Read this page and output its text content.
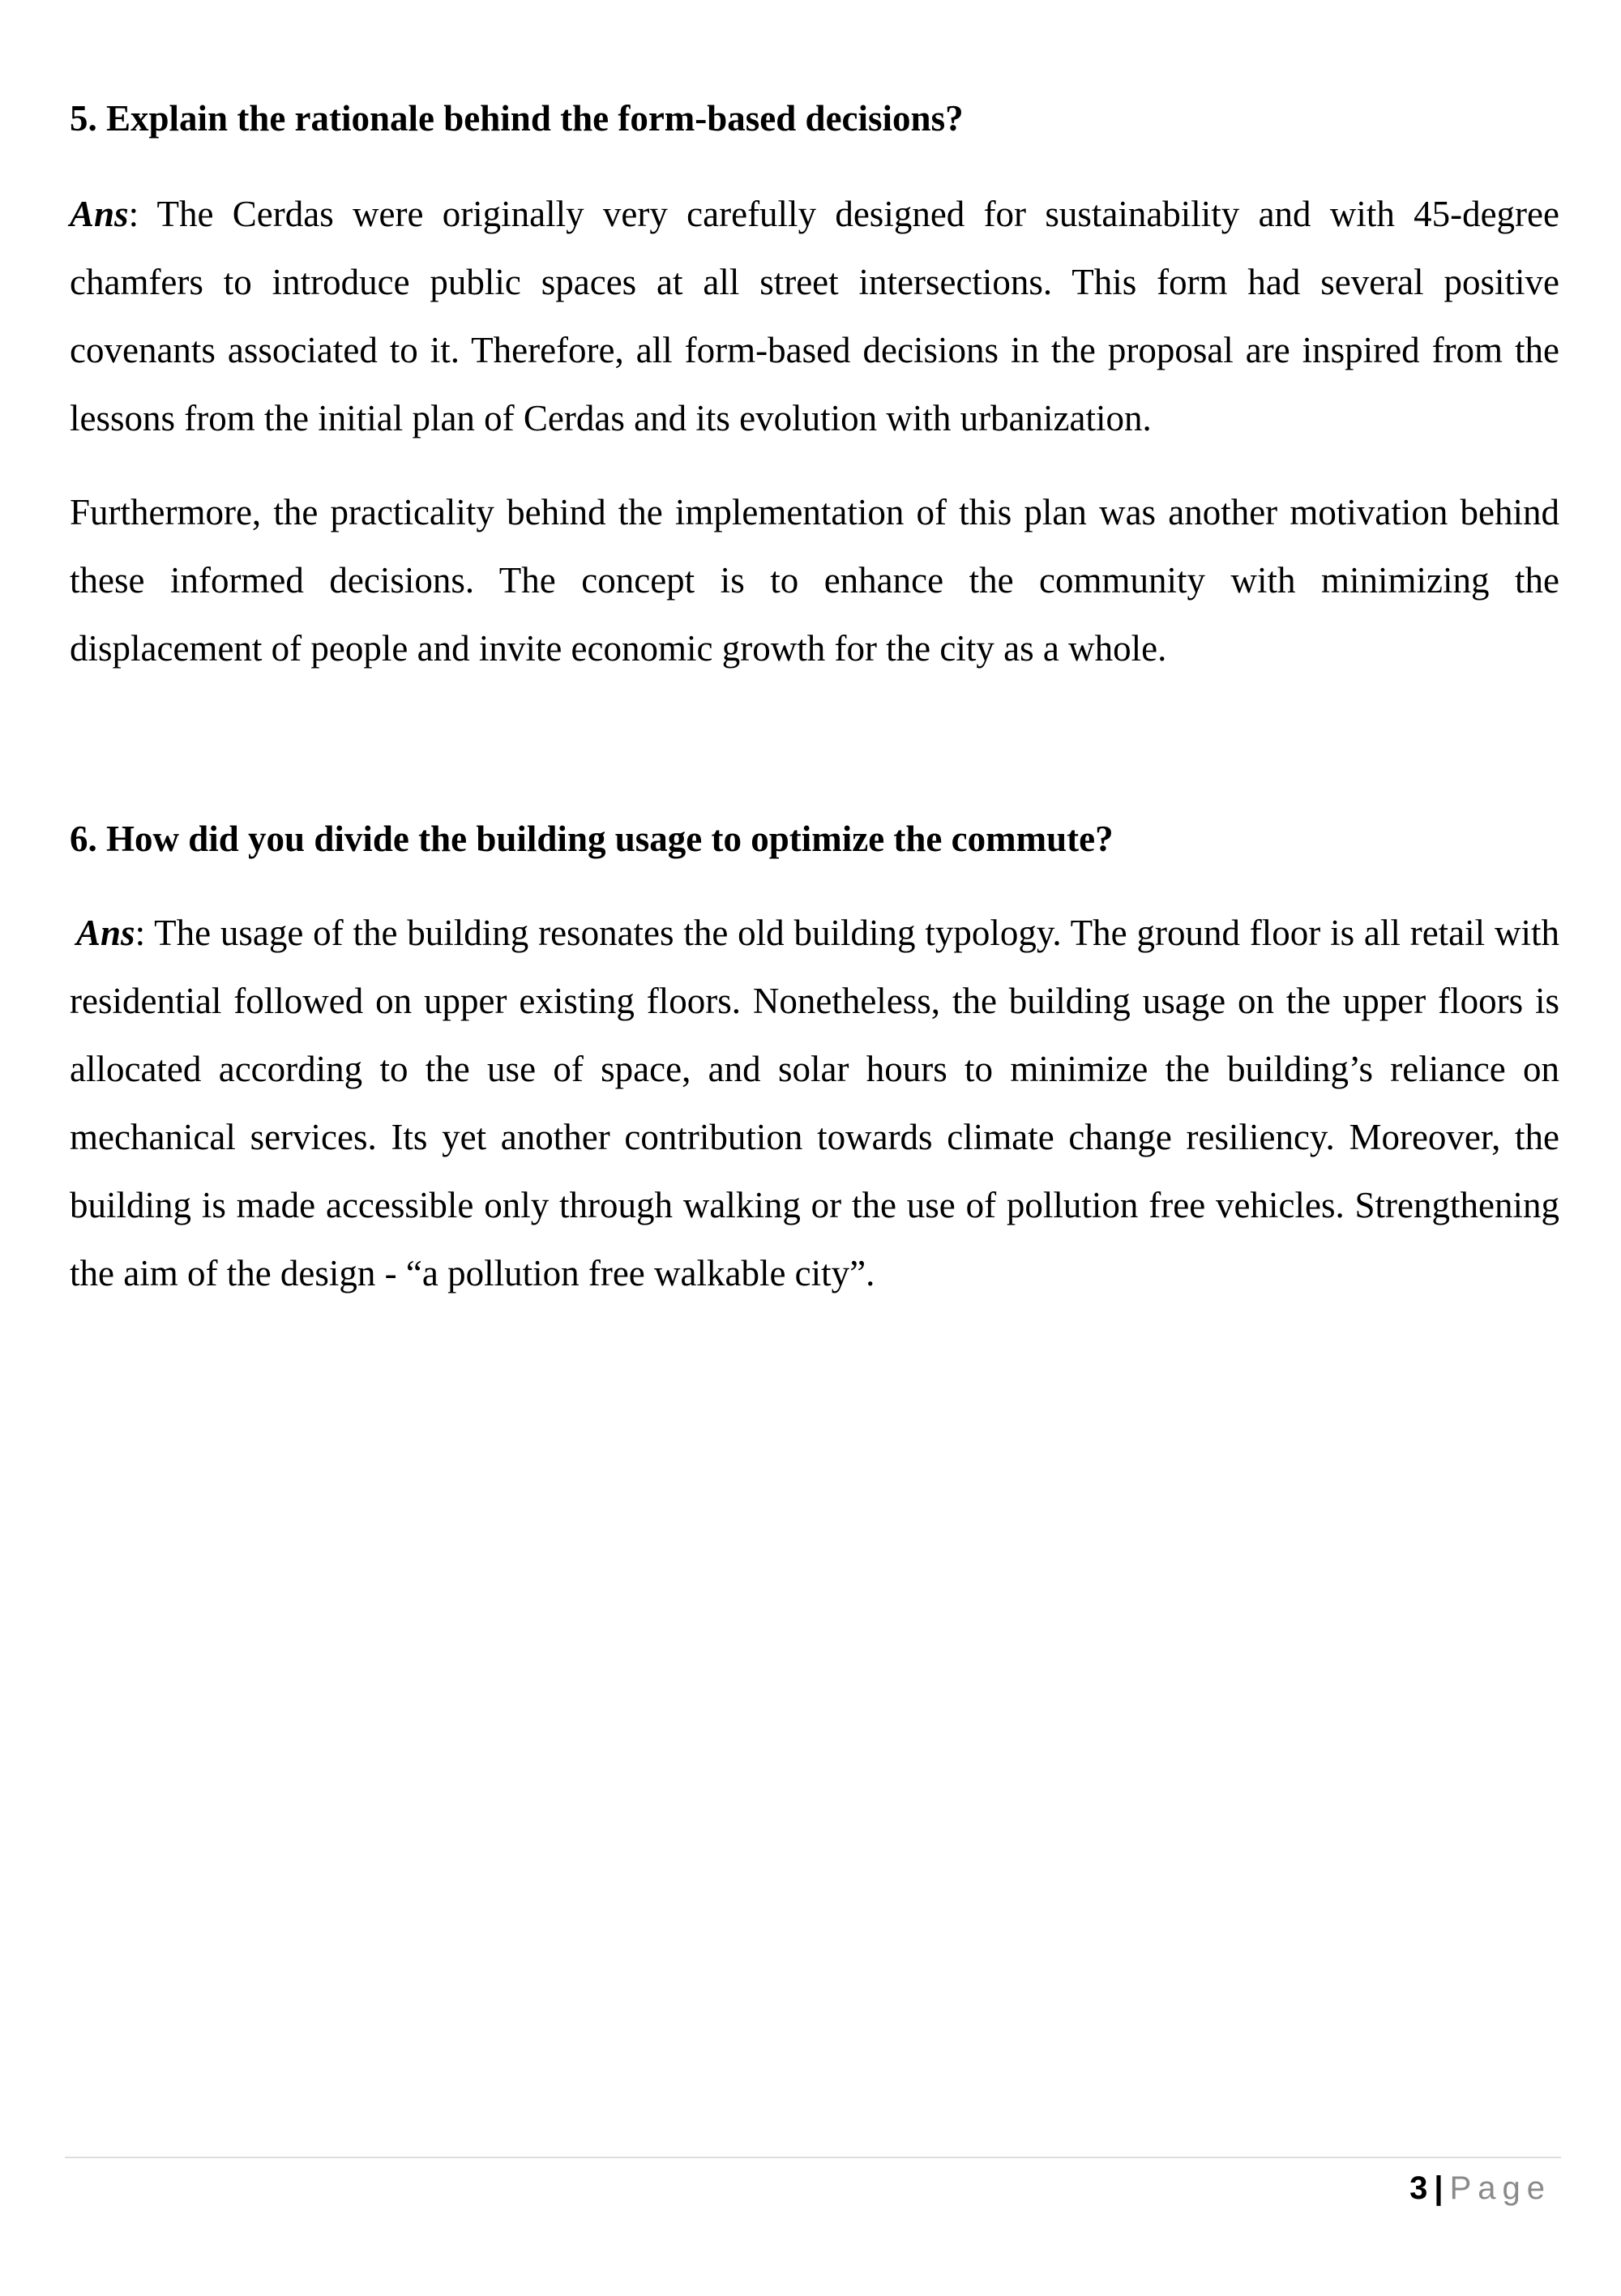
5. Explain the rationale behind the form-based decisions?

Ans: The Cerdas were originally very carefully designed for sustainability and with 45-degree chamfers to introduce public spaces at all street intersections. This form had several positive covenants associated to it. Therefore, all form-based decisions in the proposal are inspired from the lessons from the initial plan of Cerdas and its evolution with urbanization.

Furthermore, the practicality behind the implementation of this plan was another motivation behind these informed decisions. The concept is to enhance the community with minimizing the displacement of people and invite economic growth for the city as a whole.

6. How did you divide the building usage to optimize the commute?

Ans: The usage of the building resonates the old building typology. The ground floor is all retail with residential followed on upper existing floors. Nonetheless, the building usage on the upper floors is allocated according to the use of space, and solar hours to minimize the building’s reliance on mechanical services. Its yet another contribution towards climate change resiliency. Moreover, the building is made accessible only through walking or the use of pollution free vehicles. Strengthening the aim of the design - “a pollution free walkable city”.

3 | Page
